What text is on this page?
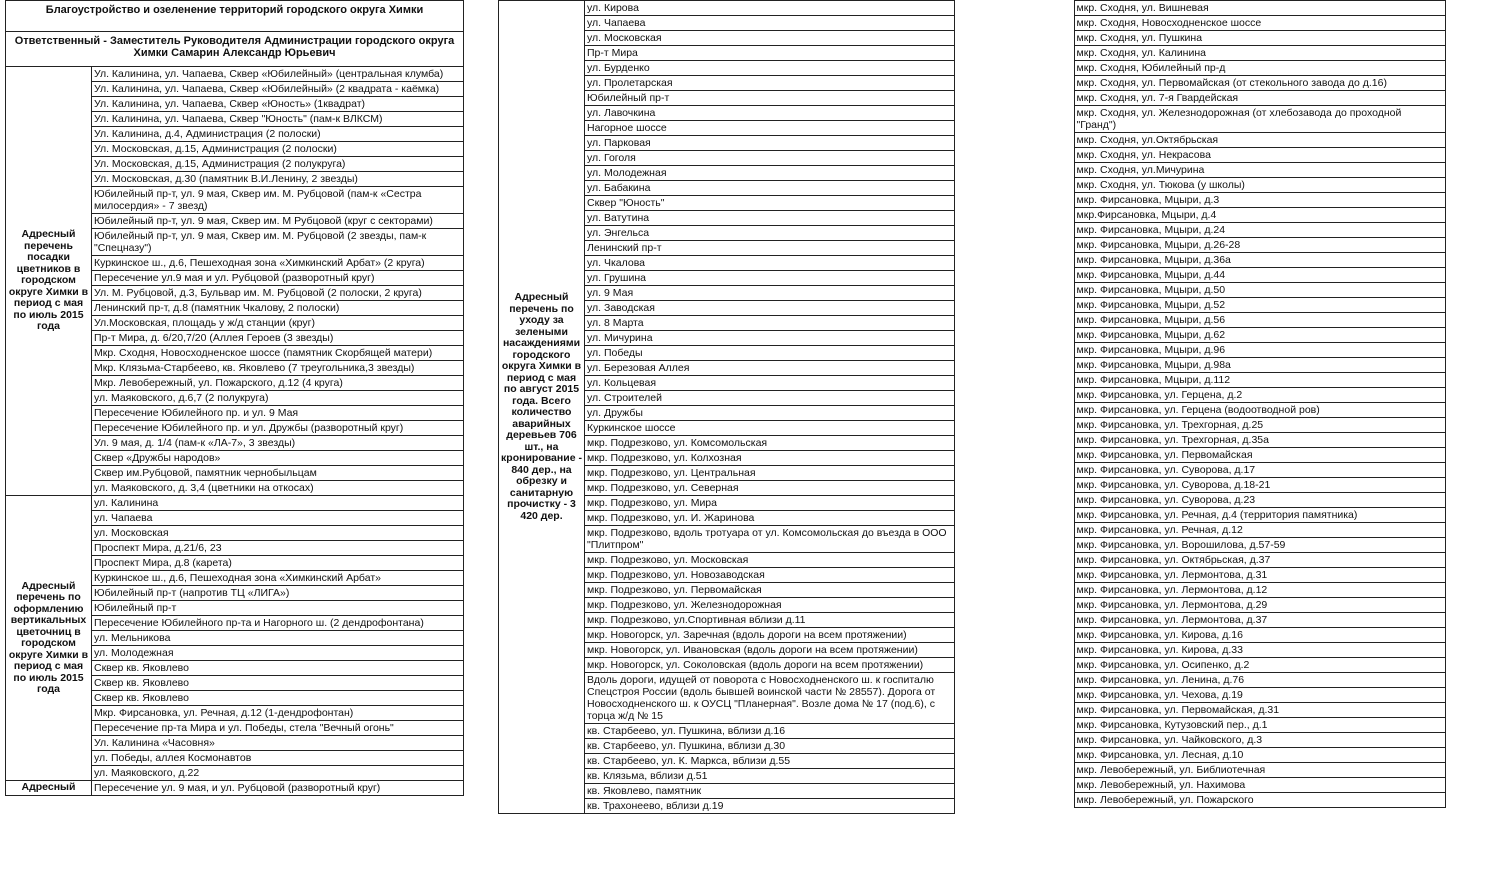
Благоустройство и озеленение территорий городского округа Химки	
Ответственный - Заместитель Руководителя Администрации городского округа Химки Самарин Александр Юрьевич	
Адресный перечень посадки цветников в городском округе Химки в период с мая по июль 2015 года	Ул. Калинина, ул. Чапаева, Сквер «Юбилейный» (центральная клумба)
	Ул. Калинина, ул. Чапаева, Сквер «Юбилейный» (2 квадрата - каёмка)
	Ул. Калинина, ул. Чапаева, Сквер «Юность» (1квадрат)
	Ул. Калинина, ул. Чапаева, Сквер "Юность" (пам-к ВЛКСМ)
	Ул. Калинина, д.4, Администрация (2 полоски)
	Ул. Московская, д.15, Администрация (2 полоски)
	Ул. Московская, д.15, Администрация (2 полукруга)
	Ул. Московская, д.30 (памятник В.И.Ленину, 2 звезды)
	Юбилейный пр-т, ул. 9 мая, Сквер им. М. Рубцовой (пам-к «Сестра милосердия» - 7 звезд)
	Юбилейный пр-т, ул. 9 мая, Сквер им. М Рубцовой (круг с секторами)
	Юбилейный пр-т, ул. 9 мая, Сквер им. М. Рубцовой (2 звезды, пам-к "Спецназу")
	Куркинское ш., д.6, Пешеходная зона «Химкинский Арбат» (2 круга)
	Пересечение ул.9 мая и ул. Рубцовой (разворотный круг)
	Ул. М. Рубцовой, д.3, Бульвар им. М. Рубцовой (2 полоски, 2 круга)
	Ленинский пр-т, д.8 (памятник Чкалову, 2 полоски)
	Ул.Московская, площадь у ж/д станции (круг)
	Пр-т Мира, д. 6/20,7/20 (Аллея Героев (3 звезды)
	Мкр. Сходня, Новосходненское шоссе (памятник Скорбящей матери)
	Мкр. Клязьма-Старбеево, кв. Яковлево (7 треугольника,3 звезды)
	Мкр. Левобережный, ул. Пожарского, д.12 (4 круга)
	ул. Маяковского, д.6,7 (2 полукруга)
	Пересечение Юбилейного пр. и ул. 9 Мая
	Пересечение Юбилейного пр. и ул. Дружбы (разворотный круг)
	Ул. 9 мая, д. 1/4 (пам-к «ЛА-7», 3 звезды)
	Сквер «Дружбы народов»
	Сквер им.Рубцовой, памятник чернобыльцам
	ул. Маяковского, д. 3,4 (цветники на откосах)
Адресный перечень по оформлению вертикальных цветочниц в городском округе Химки в период с мая по июль 2015 года	ул. Калинина
	ул. Чапаева
	ул. Московская
	Проспект Мира, д.21/6, 23
	Проспект Мира, д.8 (карета)
	Куркинское ш., д.6, Пешеходная зона «Химкинский Арбат»
	Юбилейный пр-т (напротив ТЦ «ЛИГА»)
	Юбилейный пр-т
	Пересечение Юбилейного пр-та и Нагорного ш. (2 дендрофонтана)
	ул. Мельникова
	ул. Молодежная
	Сквер кв. Яковлево
	Сквер кв. Яковлево
	Сквер кв. Яковлево
	Мкр. Фирсановка, ул. Речная, д.12 (1-дендрофонтан)
	Пересечение пр-та Мира и ул. Победы, стела "Вечный огонь"
	Ул. Калинина «Часовня»
	ул. Победы, аллея Космонавтов
	ул. Маяковского, д.22
Адресный	Пересечение ул. 9 мая, и ул. Рубцовой (разворотный круг)
Адресный перечень по уходу за зелеными насаждениями городского округа Химки в период с мая по август 2015 года. Всего количество аварийных деревьев 706 шт., на кронирование - 840 дер., на обрезку и санитарную прочистку - 3 420 дер.	ул. Кирова
ул. Чапаева
ул. Московская
Пр-т Мира
ул. Бурденко
ул. Пролетарская
Юбилейный пр-т
ул. Лавочкина
Нагорное шоссе
ул. Парковая
ул. Гоголя
ул. Молодежная
ул. Бабакина
Сквер "Юность"
ул. Ватутина
ул. Энгельса
Ленинский пр-т
ул. Чкалова
ул. Грушина
ул. 9 Мая
ул. Заводская
ул. 8 Марта
ул. Мичурина
ул. Победы
ул. Березовая Аллея
ул. Кольцевая
ул. Строителей
ул. Дружбы
Куркинское шоссе
мкр. Подрезково, ул. Комсомольская
мкр. Подрезково, ул. Колхозная
мкр. Подрезково, ул. Центральная
мкр. Подрезково, ул. Северная
мкр. Подрезково, ул. Мира
мкр. Подрезково, ул. И. Жаринова
мкр. Подрезково, вдоль тротуара от ул. Комсомольская до въезда в ООО "Плитпром"
мкр. Подрезково, ул. Московская
мкр. Подрезково, ул. Новозаводская
мкр. Подрезково, ул. Первомайская
мкр. Подрезково, ул. Железнодорожная
мкр. Подрезково, ул.Спортивная вблизи д.11
мкр. Новогорск, ул. Заречная (вдоль дороги на всем протяжении)
мкр. Новогорск, ул. Ивановская (вдоль дороги на всем протяжении)
мкр. Новогорск, ул. Соколовская (вдоль дороги на всем протяжении)
Вдоль дороги, идущей от поворота с Новосходненского ш. к госпиталю Спецстроя России (вдоль бывшей воинской части № 28557). Дорога от Новосходненского ш. к ОУСЦ "Планерная". Возле дома № 17 (под.6), с торца ж/д № 15
кв. Старбеево, ул. Пушкина, вблизи д.16
кв. Старбеево, ул. Пушкина, вблизи д.30
кв. Старбеево, ул. К. Маркса, вблизи д.55
кв. Клязьма, вблизи д.51
кв. Яковлево, памятник
кв. Трахонеево, вблизи д.19
	мкр. Сходня, ул. Вишневая
мкр. Сходня, Новосходненское шоссе
мкр. Сходня, ул. Пушкина
мкр. Сходня, ул. Калинина
мкр. Сходня, Юбилейный пр-д
мкр. Сходня, ул. Первомайская (от стекольного завода до д.16)
мкр. Сходня, ул. 7-я Гвардейская
мкр. Сходня, ул. Железнодорожная (от хлебозавода до проходной "Гранд")
мкр. Сходня, ул.Октябрьская
мкр. Сходня, ул. Некрасова
мкр. Сходня, ул.Мичурина
мкр. Сходня, ул. Тюкова (у школы)
мкр. Фирсановка, Мцыри, д.3
мкр.Фирсановка, Мцыри, д.4
мкр. Фирсановка, Мцыри, д.24
мкр. Фирсановка, Мцыри, д.26-28
мкр. Фирсановка, Мцыри, д.36а
мкр. Фирсановка, Мцыри, д.44
мкр. Фирсановка, Мцыри, д.50
мкр. Фирсановка, Мцыри, д.52
мкр. Фирсановка, Мцыри, д.56
мкр. Фирсановка, Мцыри, д.62
мкр. Фирсановка, Мцыри, д.96
мкр. Фирсановка, Мцыри, д.98а
мкр. Фирсановка, Мцыри, д.112
мкр. Фирсановка, ул. Герцена, д.2
мкр. Фирсановка, ул. Герцена (водоотводной ров)
мкр. Фирсановка, ул. Трехгорная, д.25
мкр. Фирсановка, ул. Трехгорная, д.35а
мкр. Фирсановка, ул. Первомайская
мкр. Фирсановка, ул. Суворова, д.17
мкр. Фирсановка, ул. Суворова, д.18-21
мкр. Фирсановка, ул. Суворова, д.23
мкр. Фирсановка, ул. Речная, д.4 (территория памятника)
мкр. Фирсановка, ул. Речная, д.12
мкр. Фирсановка, ул. Ворошилова, д.57-59
мкр. Фирсановка, ул. Октябрьская, д.37
мкр. Фирсановка, ул. Лермонтова, д.31
мкр. Фирсановка, ул. Лермонтова, д.12
мкр. Фирсановка, ул. Лермонтова, д.29
мкр. Фирсановка, ул. Лермонтова, д.37
мкр. Фирсановка, ул. Кирова, д.16
мкр. Фирсановка, ул. Кирова, д.33
мкр. Фирсановка, ул. Осипенко, д.2
мкр. Фирсановка, ул. Ленина, д.76
мкр. Фирсановка, ул. Чехова, д.19
мкр. Фирсановка, ул. Первомайская, д.31
мкр. Фирсановка, Кутузовский пер., д.1
мкр. Фирсановка, ул. Чайковского, д.3
мкр. Фирсановка, ул. Лесная, д.10
мкр. Левобережный, ул. Библиотечная
мкр. Левобережный, ул. Нахимова
мкр. Левобережный, ул. Пожарского
